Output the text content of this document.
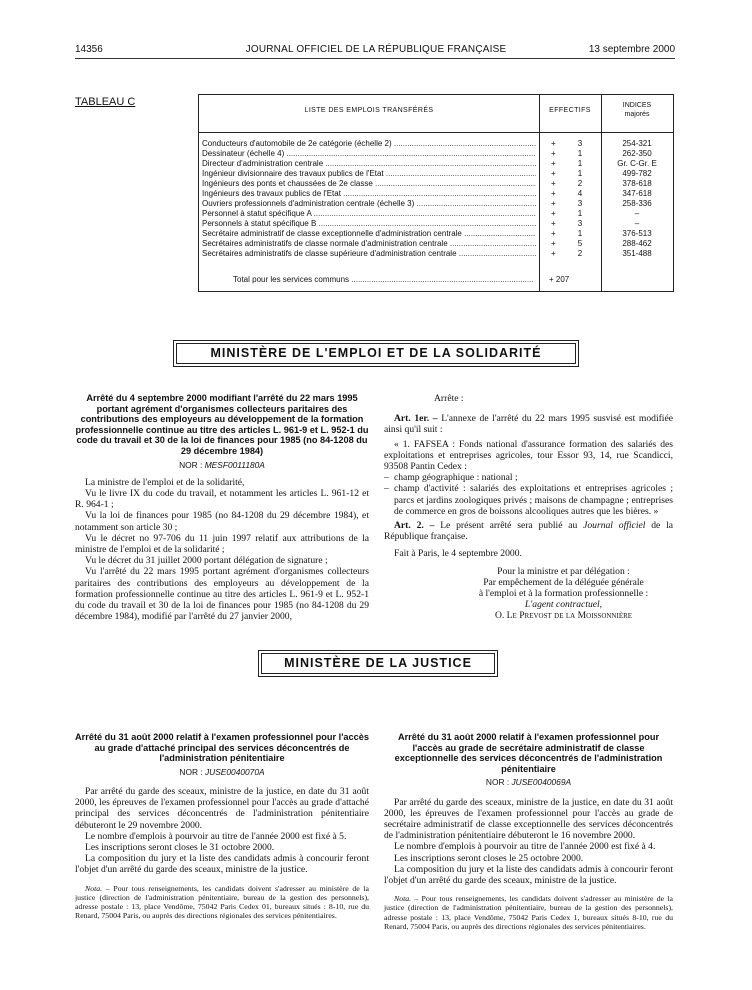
14356	JOURNAL OFFICIEL DE LA RÉPUBLIQUE FRANÇAISE	13 septembre 2000
TABLEAU C
LISTE DES EMPLOIS TRANSFÉRÉS	EFFECTIFS
INDICES
majorés
Conducteurs d'automobile de 2e catégorie (échelle 2) .....	+	3	254-321
Dessinateur (échelle 4) .....	+	1	262-350
Directeur d'administration centrale .....	+	1	Gr. C-Gr. E
Ingénieur divisionnaire des travaux publics de l'Etat .....	+	1	499-782
Ingénieurs des ponts et chaussées de 2e classe .....	+	2	378-618
Ingénieurs des travaux publics de l'Etat .....	+	4	347-618
Ouvriers professionnels d'administration centrale (échelle 3) .....	+	3	258-336
Personnel à statut spécifique A .....	+	1	–
Personnels à statut spécifique B .....	+	3	–
Secrétaire administratif de classe exceptionnelle d'administration centrale .....	+	1	376-513
Secrétaires administratifs de classe normale d'administration centrale .....	+	5	288-462
Secrétaires administratifs de classe supérieure d'administration centrale .....	+	2	351-488
Total pour les services communs .....	+ 207
MINISTÈRE DE L'EMPLOI ET DE LA SOLIDARITÉ

Arrêté du 4 septembre 2000 modifiant l'arrêté du 22 mars 1995 portant agrément d'organismes collecteurs paritaires des contributions des employeurs au développement de la formation professionnelle continue au titre des articles L. 961-9 et L. 952-1 du code du travail et 30 de la loi de finances pour 1985 (no 84-1208 du 29 décembre 1984)

NOR : MESF0011180A

La ministre de l'emploi et de la solidarité,

Vu le livre IX du code du travail, et notamment les articles L. 961-12 et R. 964-1 ;

Vu la loi de finances pour 1985 (no 84-1208 du 29 décembre 1984), et notamment son article 30 ;

Vu le décret no 97-706 du 11 juin 1997 relatif aux attributions de la ministre de l'emploi et de la solidarité ;

Vu le décret du 31 juillet 2000 portant délégation de signature ;

Vu l'arrêté du 22 mars 1995 portant agrément d'organismes collecteurs paritaires des contributions des employeurs au développement de la formation professionnelle continue au titre des articles L. 961-9 et L. 952-1 du code du travail et 30 de la loi de finances pour 1985 (no 84-1208 du 29 décembre 1984), modifié par l'arrêté du 27 janvier 2000,

Arrête :

Art. 1er. – L'annexe de l'arrêté du 22 mars 1995 susvisé est modifiée ainsi qu'il suit :

« 1. FAFSEA : Fonds national d'assurance formation des salariés des exploitations et entreprises agricoles, tour Essor 93, 14, rue Scandicci, 93508 Pantin Cedex :

– champ géographique : national ;
– champ d'activité : salariés des exploitations et entreprises agricoles ; parcs et jardins zoologiques privés ; maisons de champagne ; entreprises de commerce en gros de boissons alcooliques autres que les bières. »

Art. 2. – Le présent arrêté sera publié au Journal officiel de la République française.

Fait à Paris, le 4 septembre 2000.

Pour la ministre et par délégation :
Par empêchement de la déléguée générale
à l'emploi et à la formation professionnelle :
L'agent contractuel,
O. Le Prevost de la Moissonnière
MINISTÈRE DE LA JUSTICE

Arrêté du 31 août 2000 relatif à l'examen professionnel pour l'accès au grade d'attaché principal des services déconcentrés de l'administration pénitentiaire

NOR : JUSE0040070A

Par arrêté du garde des sceaux, ministre de la justice, en date du 31 août 2000, les épreuves de l'examen professionnel pour l'accès au grade d'attaché principal des services déconcentrés de l'administration pénitentiaire débuteront le 29 novembre 2000.

Le nombre d'emplois à pourvoir au titre de l'année 2000 est fixé à 5.

Les inscriptions seront closes le 31 octobre 2000.

La composition du jury et la liste des candidats admis à concourir feront l'objet d'un arrêté du garde des sceaux, ministre de la justice.

Nota. – Pour tous renseignements, les candidats doivent s'adresser au ministère de la justice (direction de l'administration pénitentiaire, bureau de la gestion des personnels), adresse postale : 13, place Vendôme, 75042 Paris Cedex 01, bureaux situés : 8-10, rue du Renard, 75004 Paris, ou auprès des directions régionales des services pénitentiaires.

Arrêté du 31 août 2000 relatif à l'examen professionnel pour l'accès au grade de secrétaire administratif de classe exceptionnelle des services déconcentrés de l'administration pénitentiaire

NOR : JUSE0040069A

Par arrêté du garde des sceaux, ministre de la justice, en date du 31 août 2000, les épreuves de l'examen professionnel pour l'accès au grade de secrétaire administratif de classe exceptionnelle des services déconcentrés de l'administration pénitentiaire débuteront le 16 novembre 2000.

Le nombre d'emplois à pourvoir au titre de l'année 2000 est fixé à 4.

Les inscriptions seront closes le 25 octobre 2000.

La composition du jury et la liste des candidats admis à concourir feront l'objet d'un arrêté du garde des sceaux, ministre de la justice.

Nota. – Pour tous renseignements, les candidats doivent s'adresser au ministère de la justice (direction de l'administration pénitentiaire, bureau de la gestion des personnels), adresse postale : 13, place Vendôme, 75042 Paris Cedex 1, bureaux situés 8-10, rue du Renard, 75004 Paris, ou auprès des directions régionales des services pénitentiaires.
